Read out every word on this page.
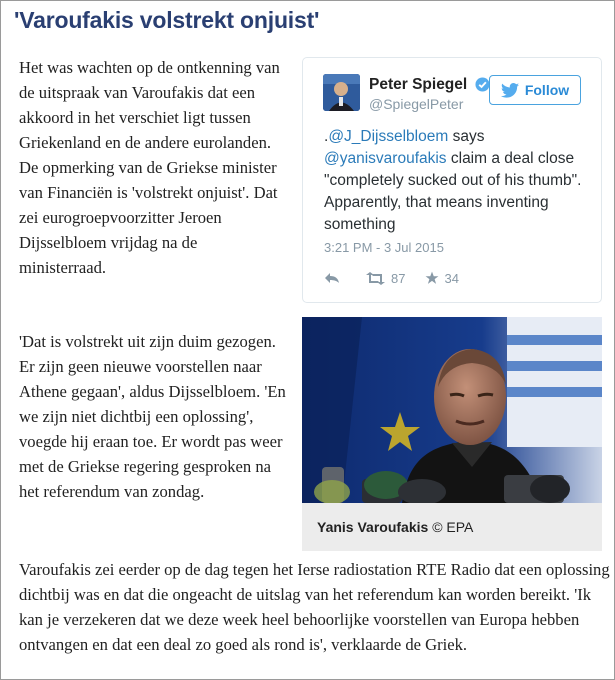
'Varoufakis volstrekt onjuist'

Het was wachten op de ontkenning van de uitspraak van Varoufakis dat een akkoord in het verschiet ligt tussen Griekenland en de andere eurolanden. De opmerking van de Griekse minister van Financiën is 'volstrekt onjuist'. Dat zei eurogroepvoorzitter Jeroen Dijsselbloem vrijdag na de ministerraad.

Peter Spiegel
@SpiegelPeter
Follow
.@J_Dijsselbloem says
@yanisvaroufakis claim a deal close "completely sucked out of his thumb". Apparently, that means inventing something
3:21 PM - 3 Jul 2015
87	34
Yanis Varoufakis © EPA

'Dat is volstrekt uit zijn duim gezogen. Er zijn geen nieuwe voorstellen naar Athene gegaan', aldus Dijsselbloem. 'En we zijn niet dichtbij een oplossing', voegde hij eraan toe. Er wordt pas weer met de Griekse regering gesproken na het referendum van zondag.

Varoufakis zei eerder op de dag tegen het Ierse radiostation RTE Radio dat een oplossing dichtbij was en dat die ongeacht de uitslag van het referendum kan worden bereikt. 'Ik kan je verzekeren dat we deze week heel behoorlijke voorstellen van Europa hebben ontvangen en dat een deal zo goed als rond is', verklaarde de Griek.
